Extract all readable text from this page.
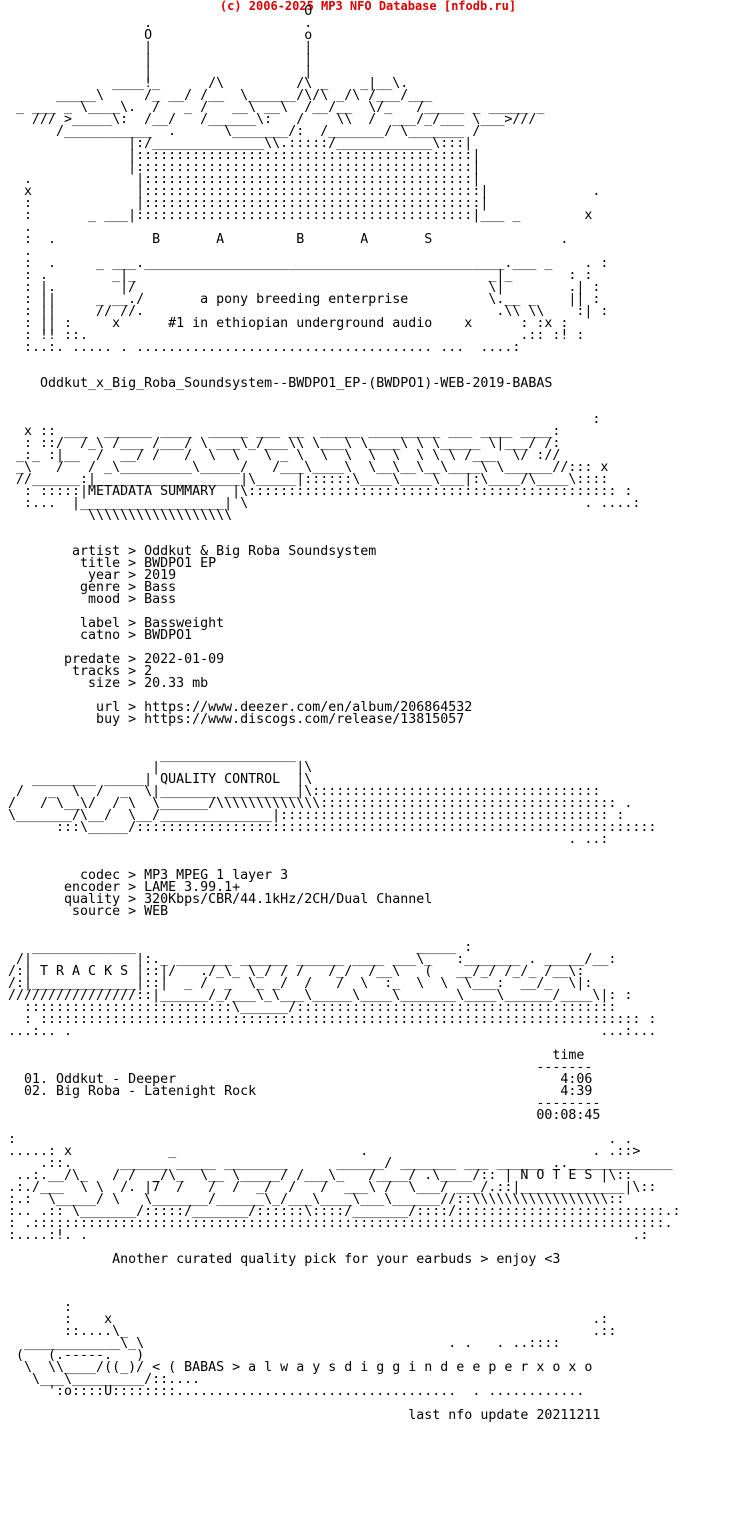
(c) 2006-2025 MP3 NFO Database [nfodb.ru]
O
.                   .
O                   o
|                   |
|                   |
|                   |
____!_      /\         /\ _    _|__\.
_____\     /_ __/ /__  \______/\/\ _/\ /___/___
_ ___ _ \____\.  /   _ /   __\ __\  /__/__  \/_   /_____ _ _____ _
/// >_____\:  /__/   /______\:   /    \\  /  ___/_/___ \___>///
/___________  .      \_______/:  /_______/ \_______ /
|:/______________\\.:::::/____________\:::|
|::::::::::::::::::::::::::::::::::::::::::|
|::::::::::::::::::::::::::::::::::::::::::|
.             |:::::::::::::::::::::::::::::::::::::::::|
x             |::::::::::::::::::::::::::::::::::::::::::|             .
:             |::::::::::::::::::::::::::::::::::::::::::|
:       _ ___|::::::::::::::::::::::::::::::::::::::::::|___ _        x
.
:  .            B       A         B       A       S                .
.
:  .     _ ___._____________________________________________.___ _    . :
: .        _|_                                            _|_       : :
: |.        |/                                            \|        .| :
: ||     _ __./       a pony breeding enterprise          \.__ _    || :
: ||     // //.                                            .\\ \\    :| :
: || :     x      #1 in ethiopian underground audio    x      : :x :
: !! ::.                                                      .:: :! :
:..:. ..... . ..................................... ...  ....:

Oddkut_x_Big_Roba_Soundsystem--BWDPO1_EP-(BWDPO1)-WEB-2019-BABAS

:
x :: ___  ______ ____  _____ ___ __  _____ _________ ___ ____ ____:
: ::/  /_\ /___ /___/ \ ___\_/___\\ \___\ \____\ \ \_____ \|___/ /:
_:_ :|__  /  __/ /   /  \  \   \ _ \  \  \  \  \  \ \ \ /___  \/ ://
_\   /   / _\_________\_____/   /___\____\  \__\__\__\____\ \______//::: x
//______:|__________________|\_____|::::::\____\____\___|:\____/\____\::::
: :::::|METADATA SUMMARY  |\:::::::::::::::::::::::::::::::::::::::::::::: :
:...  |__________________| \                                          . ....:
\\\\\\\\\\\\\\\\\\

artist > Oddkut & Big Roba Soundsystem
title > BWDPO1 EP
year > 2019
genre > Bass
mood > Bass

label > Bassweight
catno > BWDPO1

predate > 2022-01-09
tracks > 2
size > 20.33 mb

url > https://www.deezer.com/en/album/206864532
buy > https://www.discogs.com/release/13815057

_________________
|                 |\
________ _____| QUALITY CONTROL  |\
/   _  \  /  _  \|_______ _________|\::::::::::::::::::::::::::::::::::::
/   / \__\/  / \  \______/\\\\\\\\\\\\\::::::::::::::::::::::::::::::::::::: .
\_______/\__/  \__/______________|::::::::::::::::::::::::::::::::::::::::: :
:::\_____/:::::::::::::::::::::::::::::::::::::::::::::::::::::::::::::::::
. ..:

codec > MP3 MPEG 1 layer 3
encoder > LAME 3.99.1+
quality > 320Kbps/CBR/44.1kHz/2CH/Dual Channel
source > WEB

_____________                                   _____ :
/|             |:._ _______ ______ ______ ____ ___\_   :_______ . _____/__:
/:| T R A C K S |::|/   ./_\_ \_/ / /   /_/  /__\   (   __/_/ /_/_ /__\:
/:|_____________|::|  _ /  _  \_ _/  /   /  \  :_  \  \  \___:  __/_  \|:
////////////////::|______/_/___\_\___\_____\____\_______\____\______/____\|: :
::::::::::::::::::::::::::\______/::::::::::::::::::::::::::::::::::::::::
: ::::::::::::::::::::::::::::::::::::::::::::::::::::::::::::::::::::::::::: :
...:.. .                                                                  ...:...

time
-------
01. Oddkut - Deeper                                                4:06
02. Big Roba - Latenight Rock                                      4:39
--------
00:08:45

:                                                                          . .
.....: x            _                       .                            . .::>
.::.      ______ _____ ________      ______/ _______ ___ ______ .._____________
..:.__/\_   / /  _/\_  \__ \_____/ /___\_   /____/ .\____/:: | N O T E S |\::
.:./___  \ \  /. |7  /   /  /  _/  /   /  ___\ /  \___/ ___/.::|_____________|\::
:.:  \_____/ \   \_______/______\_/___\____\___\______//::\\\\\\\\\\\\\\\\\::
:.. .:: \_______/:::::/_______/::::::\::::/_______/::::/::::::::::::::::::::::::::.:
: .:::::::::::::::::::::::::::::::::::::::::::::::::::::::::::::::::::::::::::::::.
:....:!. .                                                                    .:

Another curated quality pick for your earbuds > enjoy <3

:
:    x                                                            .:
::....\_                                                          .::
____________\_\                                      . .   . ..::::
(   (.-----.   )
\  \\____/((_)/ < ( BABAS > a l w a y s d i g g i n d e e p e r x o x o
\___\_________/::....
':o::::U::::::::...................................  . ............

last nfo update 20211211
